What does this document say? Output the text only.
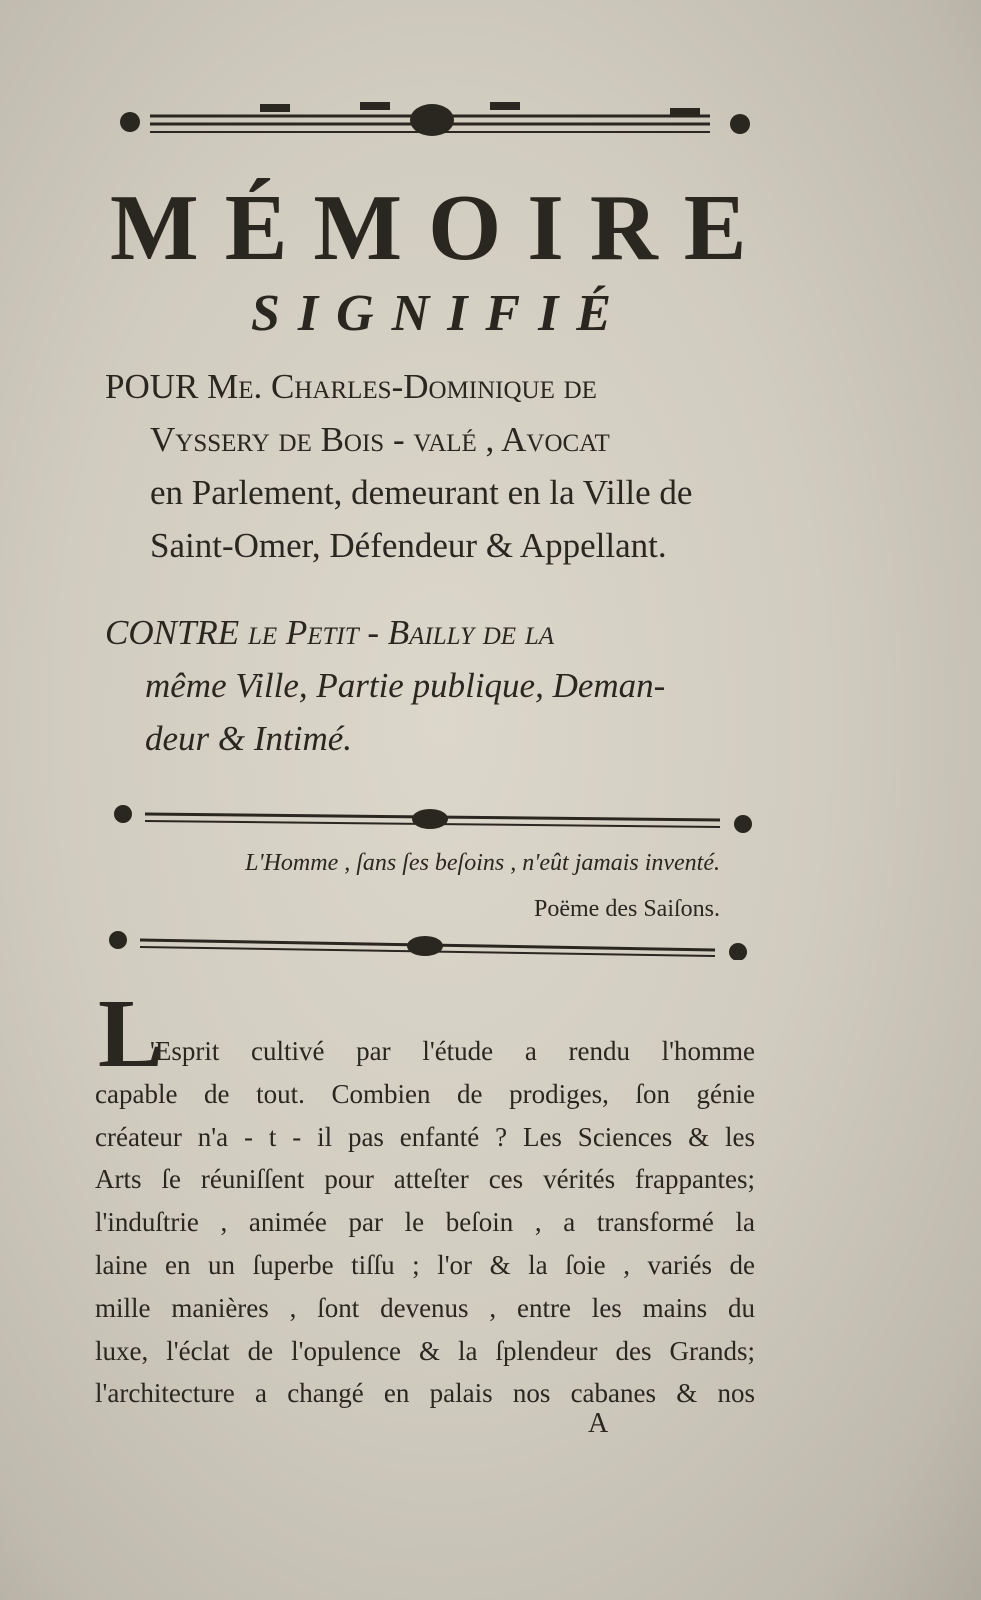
MÉMOIRE
SIGNIFIÉ
POUR Me. Charles-Dominique de
Vyssery de Bois - valé , Avocat
en Parlement, demeurant en la Ville de
Saint-Omer, Défendeur & Appellant.
CONTRE le Petit - Bailly de la
même Ville, Partie publique, Deman-
deur & Intimé.
L'Homme , ſans ſes beſoins , n'eût jamais inventé.
Poëme des Saiſons.
L
'Esprit cultivé par l'étude a rendu l'homme
capable de tout. Combien de prodiges, ſon génie
créateur n'a - t - il pas enfanté ? Les Sciences & les
Arts ſe réuniſſent pour atteſter ces vérités frappantes;
l'induſtrie , animée par le beſoin , a transformé la
laine en un ſuperbe tiſſu ; l'or & la ſoie , variés de
mille manières , ſont devenus , entre les mains du
luxe, l'éclat de l'opulence & la ſplendeur des Grands;
l'architecture a changé en palais nos cabanes & nos
A
